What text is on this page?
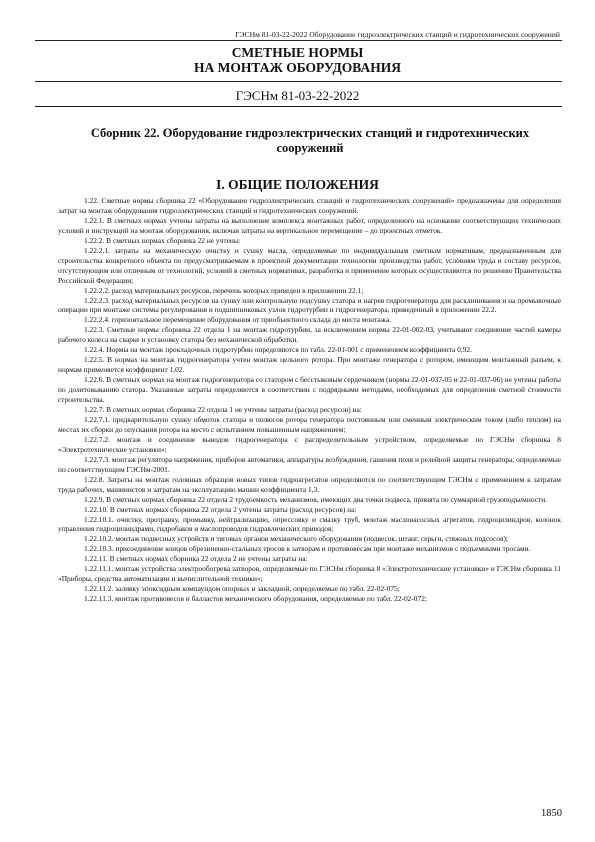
ГЭСНм 81-03-22-2022 Оборудование гидроэлектрических станций и гидротехнических сооружений
СМЕТНЫЕ НОРМЫ
НА МОНТАЖ ОБОРУДОВАНИЯ
ГЭСНм 81-03-22-2022
Сборник 22. Оборудование гидроэлектрических станций и гидротехнических сооружений
I. ОБЩИЕ ПОЛОЖЕНИЯ

1.22. Сметные нормы сборника 22 «Оборудование гидроэлектрических станций и гидротехнических сооружений» предназначены для определения затрат на монтаж оборудования гидроэлектрических станций и гидротехнических сооружений.

1.22.1. В сметных нормах учтены затраты на выполнение комплекса монтажных работ, определенного на основании соответствующих технических условий и инструкций на монтаж оборудования, включая затраты на вертикальное перемещение – до проектных отметок.

1.22.2. В сметных нормах сборника 22 не учтены:

1.22.2.1. затраты на механическую очистку и сушку масла, определяемые по индивидуальным сметным нормативам, предназначенным для строительства конкретного объекта по предусматриваемым в проектной документации технологии производства работ, условиям труда и составу ресурсов, отсутствующим или отличным от технологий, условий в сметных нормативах, разработка и применение которых осуществляются по решению Правительства Российской Федерации;

1.22.2.2. расход материальных ресурсов, перечень которых приведен в приложении 22.1;

1.22.2.3. расход материальных ресурсов на сушку или контрольную подсушку статора и нагрев гидрогенератора для расклинивания и на промывочные операции при монтаже системы регулирования и подшипниковых узлов гидротурбин и гидрогенератора, приведенный в приложении 22.2.

1.22.2.4. горизонтальное перемещение оборудования от приобъектного склада до места монтажа.

1.22.3. Сметные нормы сборника 22 отдела 1 на монтаж гидротурбин, за исключением нормы 22-01-002-03, учитывают соединение частей камеры рабочего колеса на сварке и установку статора без механической обработки.

1.22.4. Нормы на монтаж прокладочных гидротурбин определяются по табл. 22-01-001 с применением коэффициента 0,92.

1.22.5. В нормах на монтаж гидрогенератора учтен монтаж цельного ротора. При монтаже генератора с ротором, имеющим монтажный разъем, к нормам применяется коэффициент 1,02.

1.22.6. В сметных нормах на монтаж гидрогенератора со статором с бесстыковым сердечником (нормы 22-01-037-05 и 22-01-037-06) не учтены работы по долитовыванию статора. Указанные затраты определяются в соответствии с подрядными методами, необходимых для определения сметной стоимости строительства.

1.22.7. В сметных нормах сборника 22 отдела 1 не учтены затраты (расход ресурсов) на:

1.22.7.1. предварительную сушку обмоток статора и полюсов ротора генератора постоянным или сменным электрическим током (либо теплом) на местах их сборки до опускания ротора на место с испытанием повышенным напряжением;

1.22.7.2. монтаж и соединение выводов гидрогенератора с распределительным устройством, определяемые по ГЭСНм сборника 8 «Электротехнические установки»;

1.22.7.3. монтаж регулятора напряжения, приборов автоматики, аппаратуры возбуждения, гашения поля и релейной защиты генератора, определяемые по соответствующим ГЭСНм-2001.

1.22.8. Затраты на монтаж головных образцов новых типов гидроагрегатов определяются по соответствующим ГЭСНм с применением к затратам труда рабочих, машинистов и затратам на эксплуатацию машин коэффициента 1,3.

1.22.9. В сметных нормах сборника 22 отдела 2 трудоемкость механизмов, имеющих два точки подвеса, принята по суммарной грузоподъемности.

1.22.10. В сметных нормах сборника 22 отдела 2 учтены затраты (расход ресурсов) на:

1.22.10.1. очистку, протравку, промывку, нейтрализацию, опрессовку и смазку труб, монтаж маслонасосных агрегатов, гидроцилиндров, колонок управления гидроцилиндрами, гидробаков и маслопроводов гидравлических приводов;

1.22.10.2. монтаж подвесных устройств и тяговых органов механического оборудования (подвесок, штанг, серьги, стяжных подсосов);

1.22.10.3. присоединение концов обрезиненно-стальных тросов к затворам и противовесам при монтаже механизмов с подъемными тросами.

1.22.11. В сметных нормах сборника 22 отдела 2 не учтены затраты на:

1.22.11.1. монтаж устройства электрообогрева затворов, определяемые по ГЭСНм сборника 8 «Электротехнические установки» и ГЭСНм сборника 11 «Приборы, средства автоматизации и вычислительной техники»;

1.22.11.2. заливку эпоксидным компаундом опорных и закладной, определяемые по табл. 22-02-075;

1.22.11.3. монтаж противовесов и балластов механического оборудования, определяемые по табл. 22-02-072;

1850
